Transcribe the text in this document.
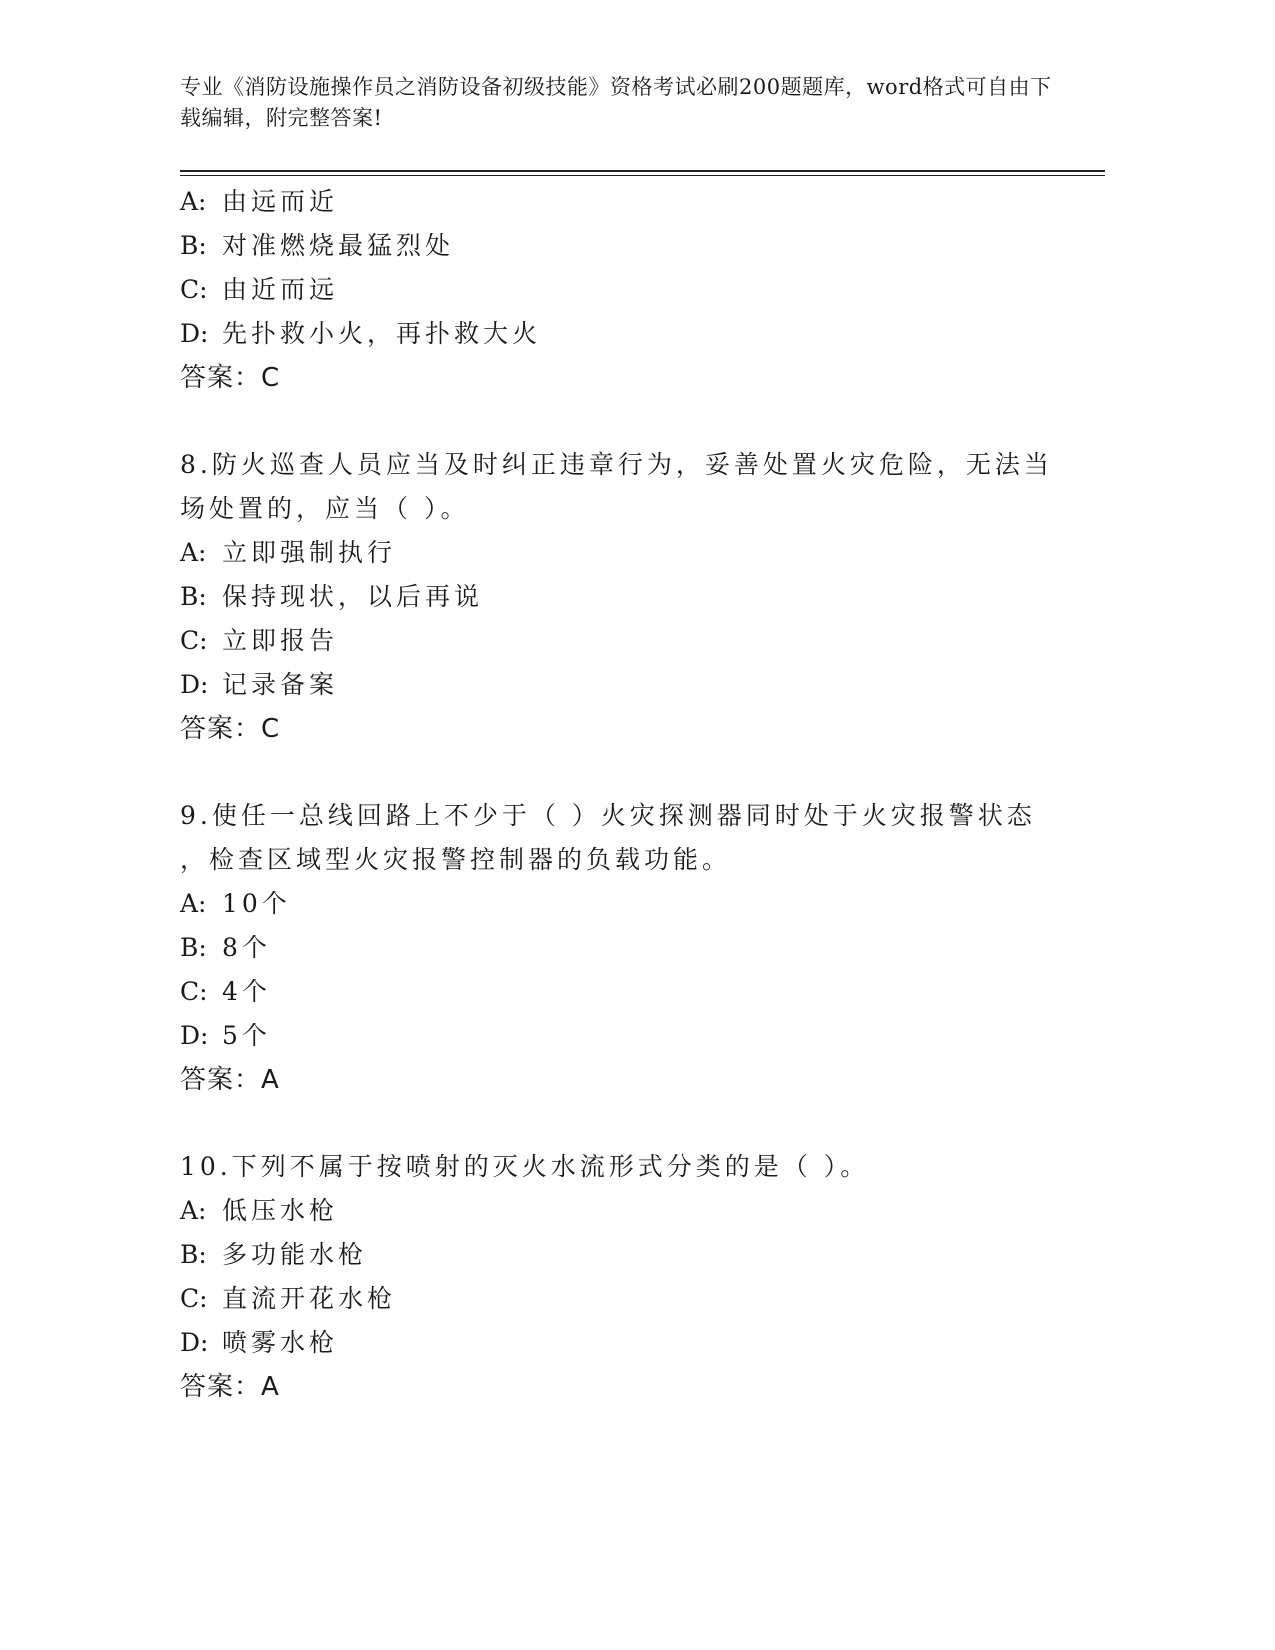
专业《消防设施操作员之消防设备初级技能》资格考试必刷200题题库，word格式可自由下载编辑，附完整答案!
A: 由远而近
B: 对准燃烧最猛烈处
C: 由近而远
D: 先扑救小火，再扑救大火
答案：C
8.防火巡查人员应当及时纠正违章行为，妥善处置火灾危险，无法当
场处置的，应当（ ）。
A: 立即强制执行
B: 保持现状，以后再说
C: 立即报告
D: 记录备案
答案：C
9.使任一总线回路上不少于（ ）火灾探测器同时处于火灾报警状态
，检查区域型火灾报警控制器的负载功能。
A: 10个
B: 8个
C: 4个
D: 5个
答案：A
10.下列不属于按喷射的灭火水流形式分类的是（ ）。
A: 低压水枪
B: 多功能水枪
C: 直流开花水枪
D: 喷雾水枪
答案：A
